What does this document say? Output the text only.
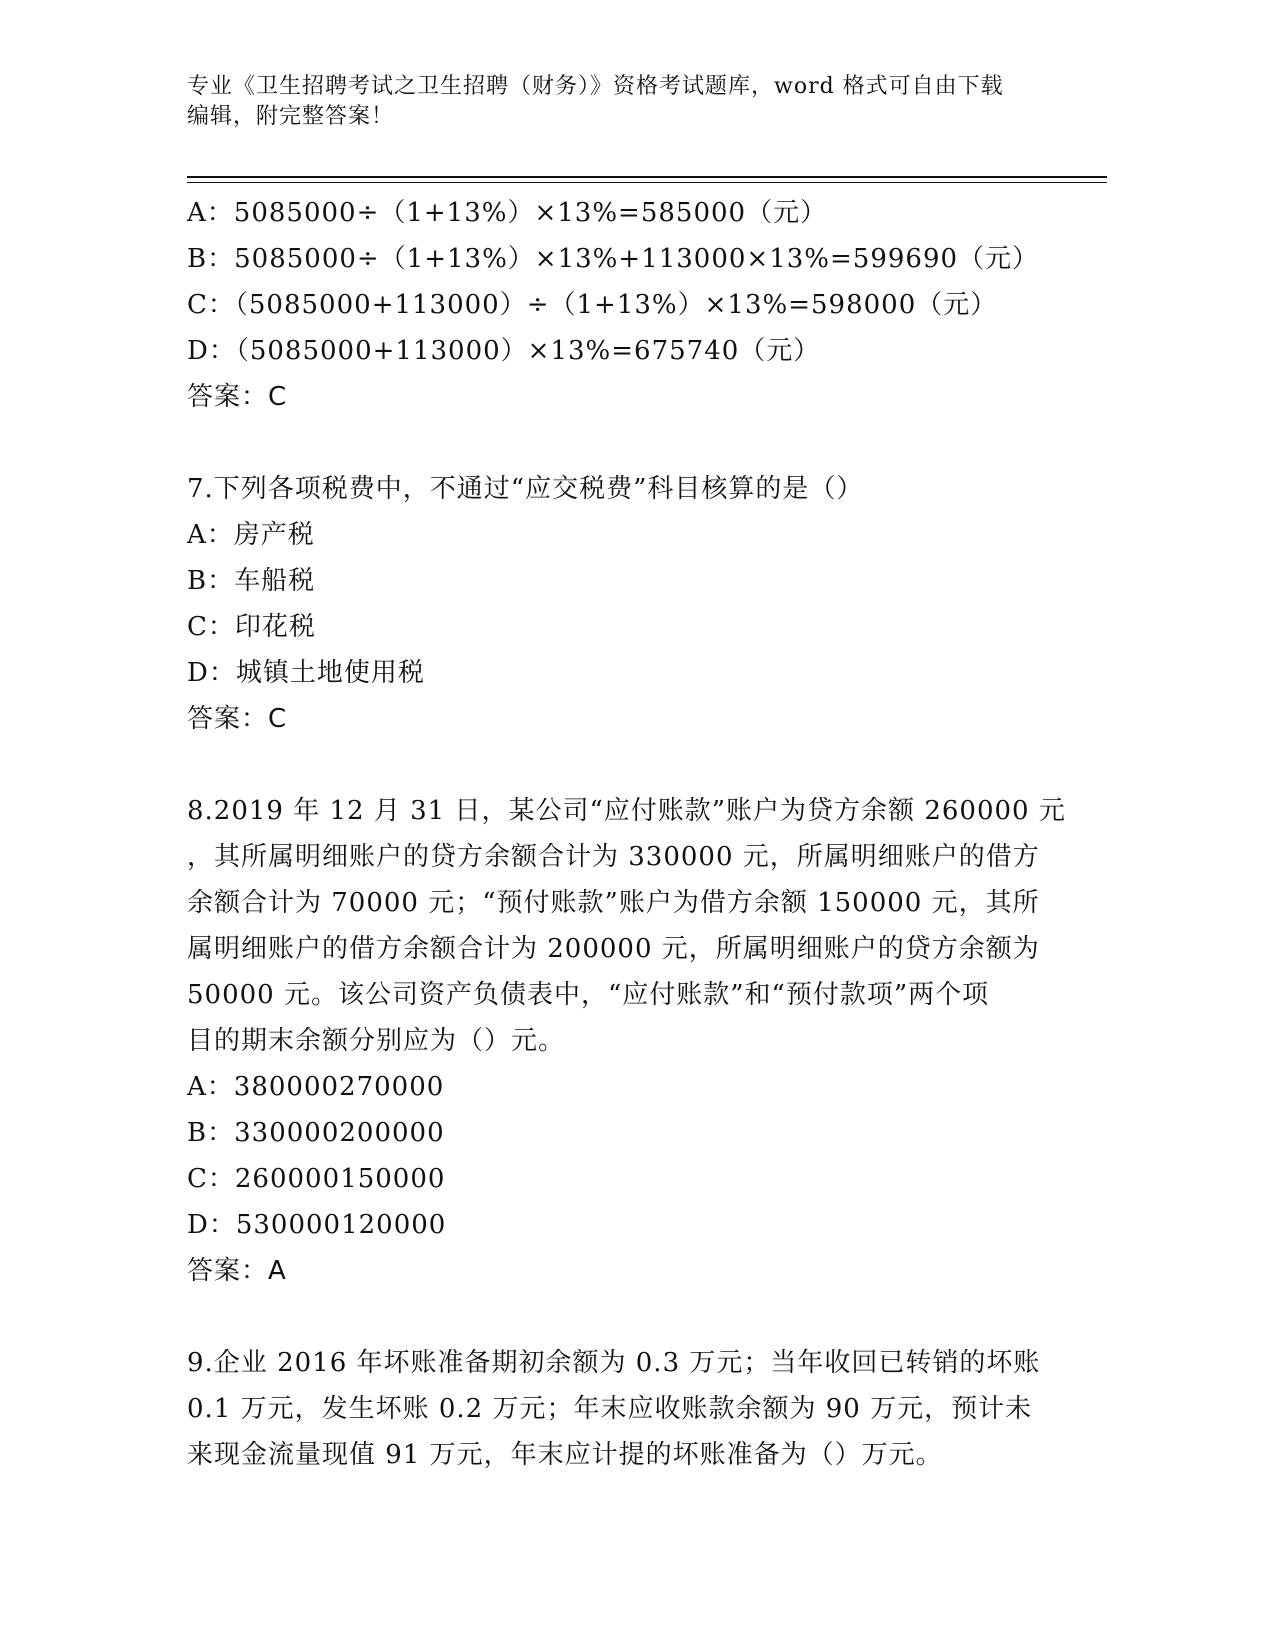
专业《卫生招聘考试之卫生招聘（财务）》资格考试题库，word 格式可自由下载
编辑，附完整答案！
A：5085000÷（1+13%）×13%=585000（元）
B：5085000÷（1+13%）×13%+113000×13%=599690（元）
C：（5085000+113000）÷（1+13%）×13%=598000（元）
D：（5085000+113000）×13%=675740（元）
答案：C
7.下列各项税费中，不通过“应交税费”科目核算的是（）
A：房产税
B：车船税
C：印花税
D：城镇土地使用税
答案：C
8.2019 年 12 月 31 日，某公司“应付账款”账户为贷方余额 260000 元
，其所属明细账户的贷方余额合计为 330000 元，所属明细账户的借方
余额合计为 70000 元；“预付账款”账户为借方余额 150000 元，其所
属明细账户的借方余额合计为 200000 元，所属明细账户的贷方余额为
50000 元。该公司资产负债表中，“应付账款”和“预付款项”两个项
目的期末余额分别应为（）元。
A：380000270000
B：330000200000
C：260000150000
D：530000120000
答案：A
9.企业 2016 年坏账准备期初余额为 0.3 万元；当年收回已转销的坏账
0.1 万元，发生坏账 0.2 万元；年末应收账款余额为 90 万元，预计未
来现金流量现值 91 万元，年末应计提的坏账准备为（）万元。
